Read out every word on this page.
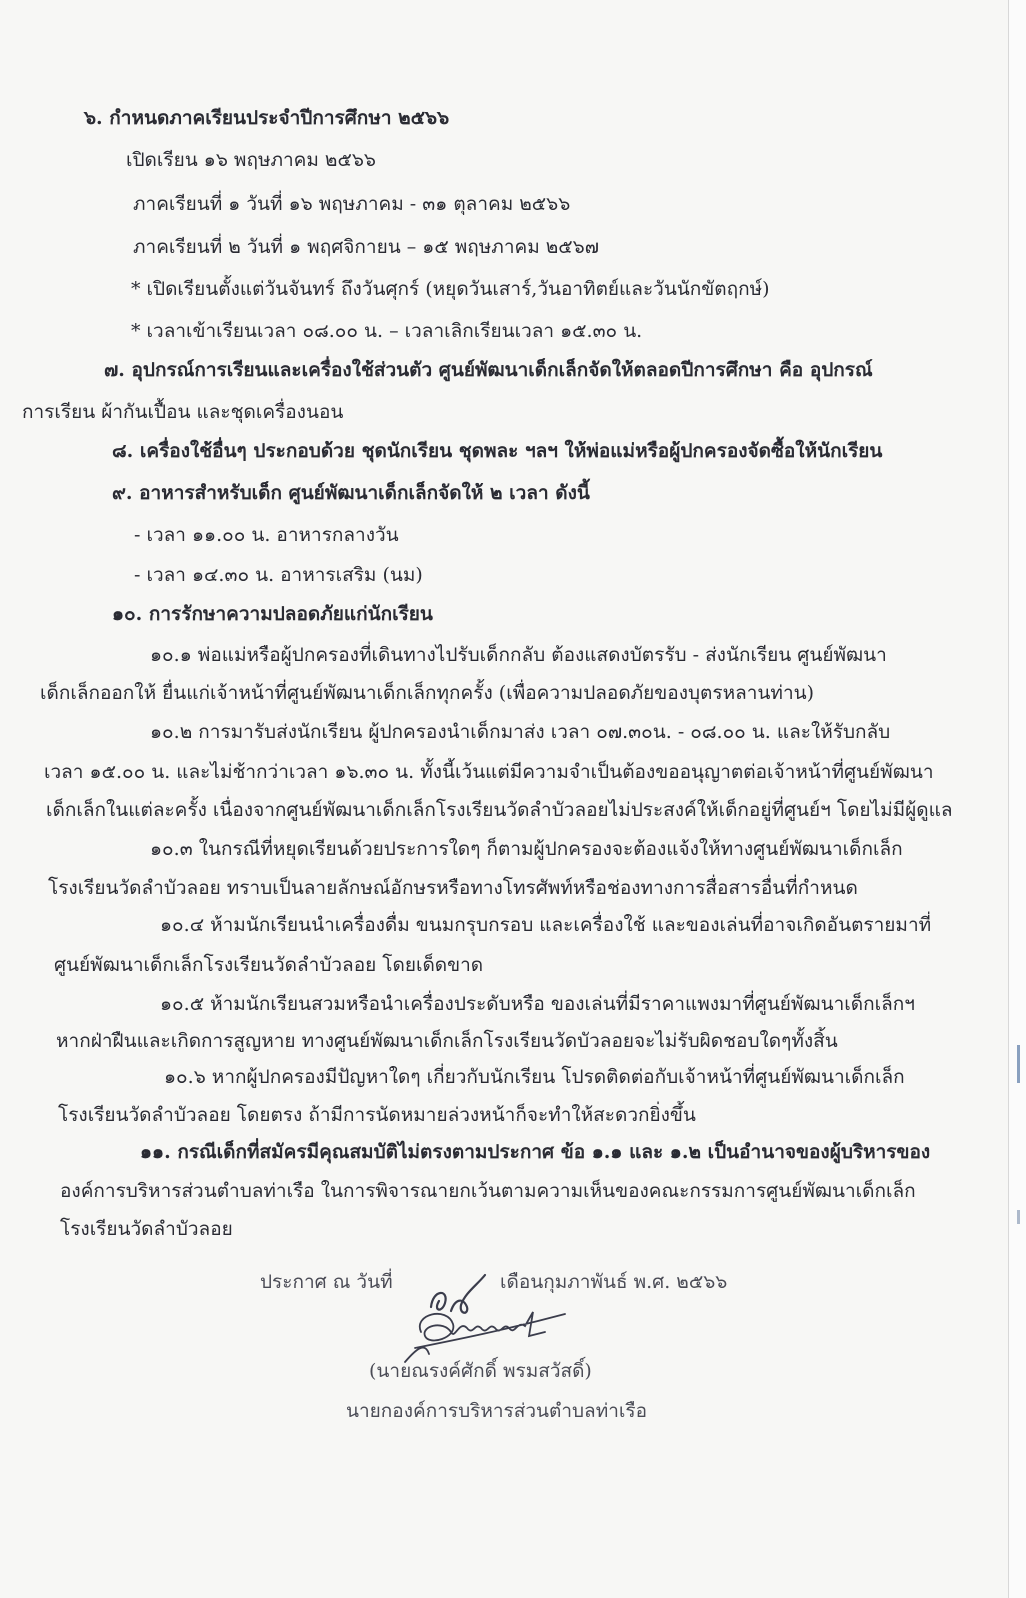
๖. กำหนดภาคเรียนประจำปีการศึกษา ๒๕๖๖
เปิดเรียน ๑๖ พฤษภาคม ๒๕๖๖
ภาคเรียนที่ ๑ วันที่ ๑๖ พฤษภาคม - ๓๑ ตุลาคม ๒๕๖๖
ภาคเรียนที่ ๒ วันที่ ๑ พฤศจิกายน – ๑๕ พฤษภาคม ๒๕๖๗
* เปิดเรียนตั้งแต่วันจันทร์ ถึงวันศุกร์ (หยุดวันเสาร์,วันอาทิตย์และวันนักขัตฤกษ์)
* เวลาเข้าเรียนเวลา ๐๘.๐๐ น. – เวลาเลิกเรียนเวลา ๑๕.๓๐ น.
๗. อุปกรณ์การเรียนและเครื่องใช้ส่วนตัว ศูนย์พัฒนาเด็กเล็กจัดให้ตลอดปีการศึกษา คือ อุปกรณ์
การเรียน ผ้ากันเปื้อน และชุดเครื่องนอน
๘. เครื่องใช้อื่นๆ ประกอบด้วย ชุดนักเรียน ชุดพละ ฯลฯ ให้พ่อแม่หรือผู้ปกครองจัดซื้อให้นักเรียน
๙. อาหารสำหรับเด็ก ศูนย์พัฒนาเด็กเล็กจัดให้ ๒ เวลา ดังนี้
- เวลา ๑๑.๐๐ น. อาหารกลางวัน
- เวลา ๑๔.๓๐ น. อาหารเสริม (นม)
๑๐. การรักษาความปลอดภัยแก่นักเรียน
๑๐.๑ พ่อแม่หรือผู้ปกครองที่เดินทางไปรับเด็กกลับ ต้องแสดงบัตรรับ - ส่งนักเรียน ศูนย์พัฒนา
เด็กเล็กออกให้ ยื่นแก่เจ้าหน้าที่ศูนย์พัฒนาเด็กเล็กทุกครั้ง (เพื่อความปลอดภัยของบุตรหลานท่าน)
๑๐.๒ การมารับส่งนักเรียน ผู้ปกครองนำเด็กมาส่ง เวลา ๐๗.๓๐น. - ๐๘.๐๐ น. และให้รับกลับ
เวลา ๑๕.๐๐ น. และไม่ช้ากว่าเวลา ๑๖.๓๐ น. ทั้งนี้เว้นแต่มีความจำเป็นต้องขออนุญาตต่อเจ้าหน้าที่ศูนย์พัฒนา
เด็กเล็กในแต่ละครั้ง เนื่องจากศูนย์พัฒนาเด็กเล็กโรงเรียนวัดลำบัวลอยไม่ประสงค์ให้เด็กอยู่ที่ศูนย์ฯ โดยไม่มีผู้ดูแล
๑๐.๓ ในกรณีที่หยุดเรียนด้วยประการใดๆ ก็ตามผู้ปกครองจะต้องแจ้งให้ทางศูนย์พัฒนาเด็กเล็ก
โรงเรียนวัดลำบัวลอย ทราบเป็นลายลักษณ์อักษรหรือทางโทรศัพท์หรือช่องทางการสื่อสารอื่นที่กำหนด
๑๐.๔ ห้ามนักเรียนนำเครื่องดื่ม ขนมกรุบกรอบ และเครื่องใช้ และของเล่นที่อาจเกิดอันตรายมาที่
ศูนย์พัฒนาเด็กเล็กโรงเรียนวัดลำบัวลอย โดยเด็ดขาด
๑๐.๕ ห้ามนักเรียนสวมหรือนำเครื่องประดับหรือ ของเล่นที่มีราคาแพงมาที่ศูนย์พัฒนาเด็กเล็กฯ
หากฝ่าฝืนและเกิดการสูญหาย ทางศูนย์พัฒนาเด็กเล็กโรงเรียนวัดบัวลอยจะไม่รับผิดชอบใดๆทั้งสิ้น
๑๐.๖ หากผู้ปกครองมีปัญหาใดๆ เกี่ยวกับนักเรียน โปรดติดต่อกับเจ้าหน้าที่ศูนย์พัฒนาเด็กเล็ก
โรงเรียนวัดลำบัวลอย โดยตรง ถ้ามีการนัดหมายล่วงหน้าก็จะทำให้สะดวกยิ่งขึ้น
๑๑. กรณีเด็กที่สมัครมีคุณสมบัติไม่ตรงตามประกาศ ข้อ ๑.๑ และ ๑.๒ เป็นอำนาจของผู้บริหารของ
องค์การบริหารส่วนตำบลท่าเรือ ในการพิจารณายกเว้นตามความเห็นของคณะกรรมการศูนย์พัฒนาเด็กเล็ก
โรงเรียนวัดลำบัวลอย
ประกาศ ณ วันที่	เดือนกุมภาพันธ์ พ.ศ. ๒๕๖๖
(นายณรงค์ศักดิ์ พรมสวัสดิ์)
นายกองค์การบริหารส่วนตำบลท่าเรือ
